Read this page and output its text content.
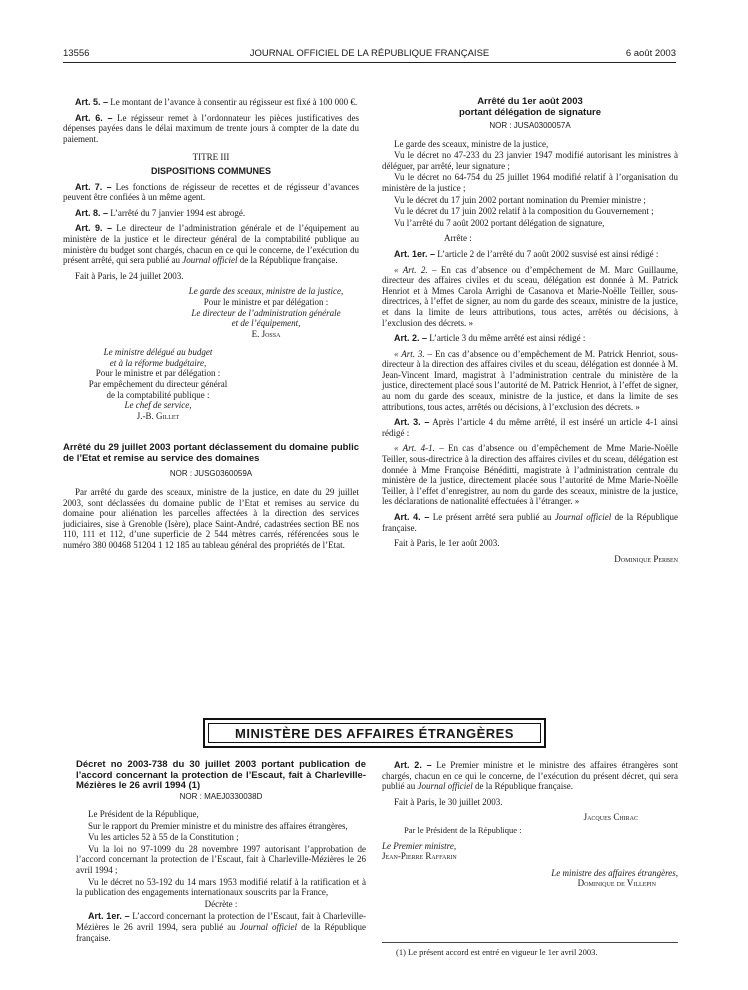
13556	JOURNAL OFFICIEL DE LA RÉPUBLIQUE FRANÇAISE	6 août 2003

Art. 5. – Le montant de l’avance à consentir au régisseur est fixé à 100 000 €.

Art. 6. – Le régisseur remet à l’ordonnateur les pièces justificatives des dépenses payées dans le délai maximum de trente jours à compter de la date du paiement.

TITRE III

DISPOSITIONS COMMUNES

Art. 7. – Les fonctions de régisseur de recettes et de régisseur d’avances peuvent être confiées à un même agent.

Art. 8. – L’arrêté du 7 janvier 1994 est abrogé.

Art. 9. – Le directeur de l’administration générale et de l’équipement au ministère de la justice et le directeur général de la comptabilité publique au ministère du budget sont chargés, chacun en ce qui le concerne, de l’exécution du présent arrêté, qui sera publié au Journal officiel de la République française.

Fait à Paris, le 24 juillet 2003.

Le garde des sceaux, ministre de la justice,
Pour le ministre et par délégation :
Le directeur de l’administration générale
et de l’équipement,
E. Jossa
Le ministre délégué au budget
et à la réforme budgétaire,
Pour le ministre et par délégation :
Par empêchement du directeur général
de la comptabilité publique :
Le chef de service,
J.-B. Gillet

Arrêté du 29 juillet 2003 portant déclassement du domaine public de l’Etat et remise au service des domaines

NOR : JUSG0360059A

Par arrêté du garde des sceaux, ministre de la justice, en date du 29 juillet 2003, sont déclassées du domaine public de l’Etat et remises au service du domaine pour aliénation les parcelles affectées à la direction des services judiciaires, sise à Grenoble (Isère), place Saint-André, cadastrées section BE nos 110, 111 et 112, d’une superficie de 2 544 mètres carrés, référencées sous le numéro 380 00468 51204 1 12 185 au tableau général des propriétés de l’Etat.

Arrêté du 1er août 2003
portant délégation de signature
NOR : JUSA0300057A

Le garde des sceaux, ministre de la justice,

Vu le décret no 47-233 du 23 janvier 1947 modifié autorisant les ministres à déléguer, par arrêté, leur signature ;

Vu le décret no 64-754 du 25 juillet 1964 modifié relatif à l’organisation du ministère de la justice ;

Vu le décret du 17 juin 2002 portant nomination du Premier ministre ;

Vu le décret du 17 juin 2002 relatif à la composition du Gouvernement ;

Vu l’arrêté du 7 août 2002 portant délégation de signature,

Arrête :

Art. 1er. – L’article 2 de l’arrêté du 7 août 2002 susvisé est ainsi rédigé :

« Art. 2. – En cas d’absence ou d’empêchement de M. Marc Guillaume, directeur des affaires civiles et du sceau, délégation est donnée à M. Patrick Henriot et à Mmes Carola Arrighi de Casanova et Marie-Noëlle Teiller, sous-directrices, à l’effet de signer, au nom du garde des sceaux, ministre de la justice, et dans la limite de leurs attributions, tous actes, arrêtés ou décisions, à l’exclusion des décrets. »

Art. 2. – L’article 3 du même arrêté est ainsi rédigé :

« Art. 3. – En cas d’absence ou d’empêchement de M. Patrick Henriot, sous-directeur à la direction des affaires civiles et du sceau, délégation est donnée à M. Jean-Vincent Imard, magistrat à l’administration centrale du ministère de la justice, directement placé sous l’autorité de M. Patrick Henriot, à l’effet de signer, au nom du garde des sceaux, ministre de la justice, et dans la limite de ses attributions, tous actes, arrêtés ou décisions, à l’exclusion des décrets. »

Art. 3. – Après l’article 4 du même arrêté, il est inséré un article 4-1 ainsi rédigé :

« Art. 4-1. – En cas d’absence ou d’empêchement de Mme Marie-Noëlle Teiller, sous-directrice à la direction des affaires civiles et du sceau, délégation est donnée à Mme Françoise Bénéditti, magistrate à l’administration centrale du ministère de la justice, directement placée sous l’autorité de Mme Marie-Noëlle Teiller, à l’effet d’enregistrer, au nom du garde des sceaux, ministre de la justice, les déclarations de nationalité effectuées à l’étranger. »

Art. 4. – Le présent arrêté sera publié au Journal officiel de la République française.

Fait à Paris, le 1er août 2003.

Dominique Perben

MINISTÈRE DES AFFAIRES ÉTRANGÈRES

Décret no 2003-738 du 30 juillet 2003 portant publication de l’accord concernant la protection de l’Escaut, fait à Charleville-Mézières le 26 avril 1994 (1)

NOR : MAEJ0330038D

Le Président de la République,

Sur le rapport du Premier ministre et du ministre des affaires étrangères,

Vu les articles 52 à 55 de la Constitution ;

Vu la loi no 97-1099 du 28 novembre 1997 autorisant l’approbation de l’accord concernant la protection de l’Escaut, fait à Charleville-Mézières le 26 avril 1994 ;

Vu le décret no 53-192 du 14 mars 1953 modifié relatif à la ratification et à la publication des engagements internationaux souscrits par la France,

Décrète :

Art. 1er. – L’accord concernant la protection de l’Escaut, fait à Charleville-Mézières le 26 avril 1994, sera publié au Journal officiel de la République française.

Art. 2. – Le Premier ministre et le ministre des affaires étrangères sont chargés, chacun en ce qui le concerne, de l’exécution du présent décret, qui sera publié au Journal officiel de la République française.

Fait à Paris, le 30 juillet 2003.

Jacques Chirac

Par le Président de la République :

Le Premier ministre,

Jean-Pierre Raffarin

Le ministre des affaires étrangères,

Dominique de Villepin

(1) Le présent accord est entré en vigueur le 1er avril 2003.
